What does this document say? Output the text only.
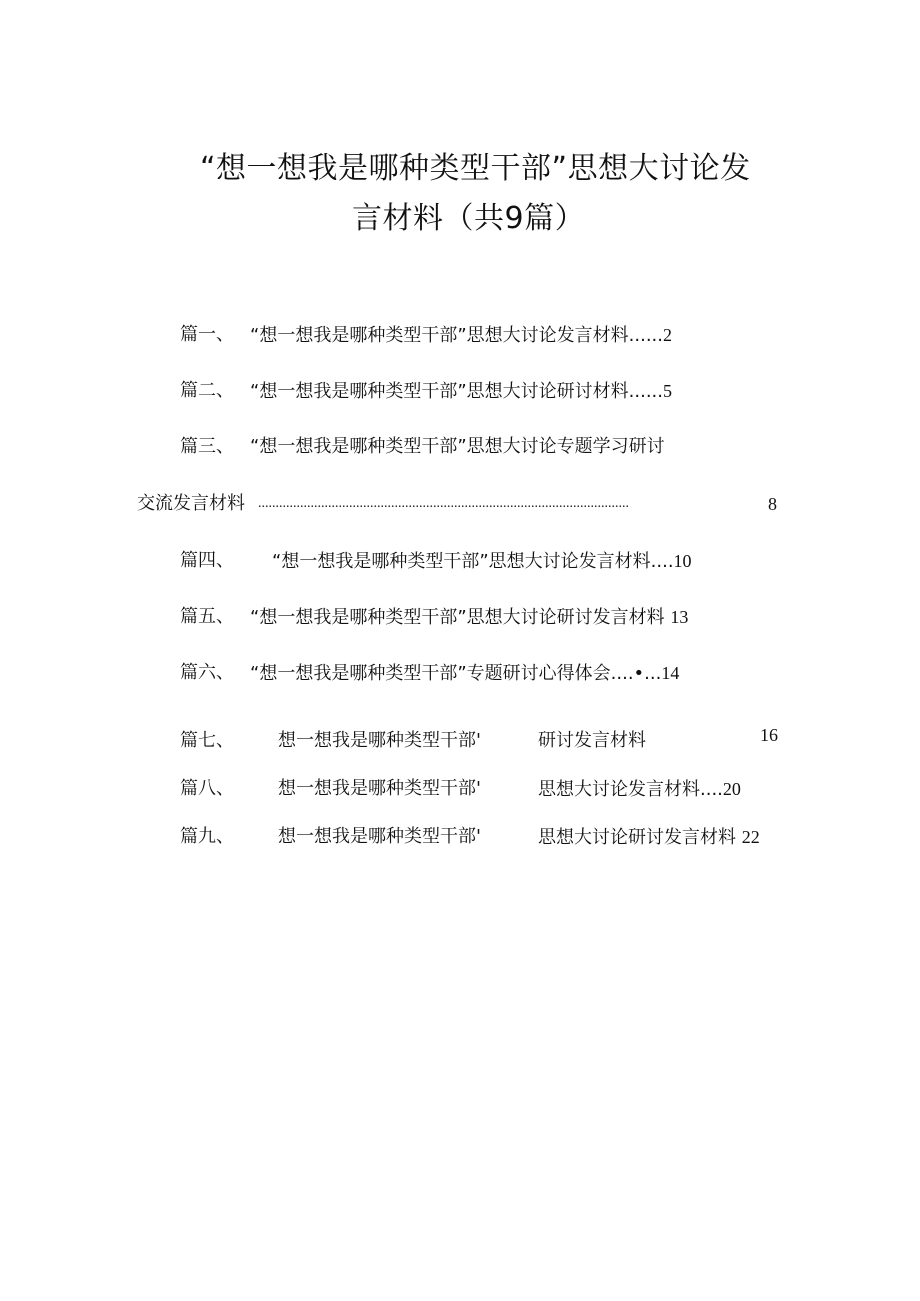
“想一想我是哪种类型干部”思想大讨论发
言材料（共9篇）
篇一、 “想一想我是哪种类型干部”思想大讨论发言材料......2
篇二、 “想一想我是哪种类型干部”思想大讨论研讨材料......5
篇三、 “想一想我是哪种类型干部”思想大讨论专题学习研讨
交流发言材料 ..........................................................................................................	8
篇四、 “想一想我是哪种类型干部”思想大讨论发言材料....10
篇五、 “想一想我是哪种类型干部”思想大讨论研讨发言材料 13
篇六、 “想一想我是哪种类型干部”专题研讨心得体会....•...14
篇七、 想一想我是哪种类型干部'	研讨发言材料	16
篇八、 想一想我是哪种类型干部'	思想大讨论发言材料....20
篇九、 想一想我是哪种类型干部'	思想大讨论研讨发言材料 22
